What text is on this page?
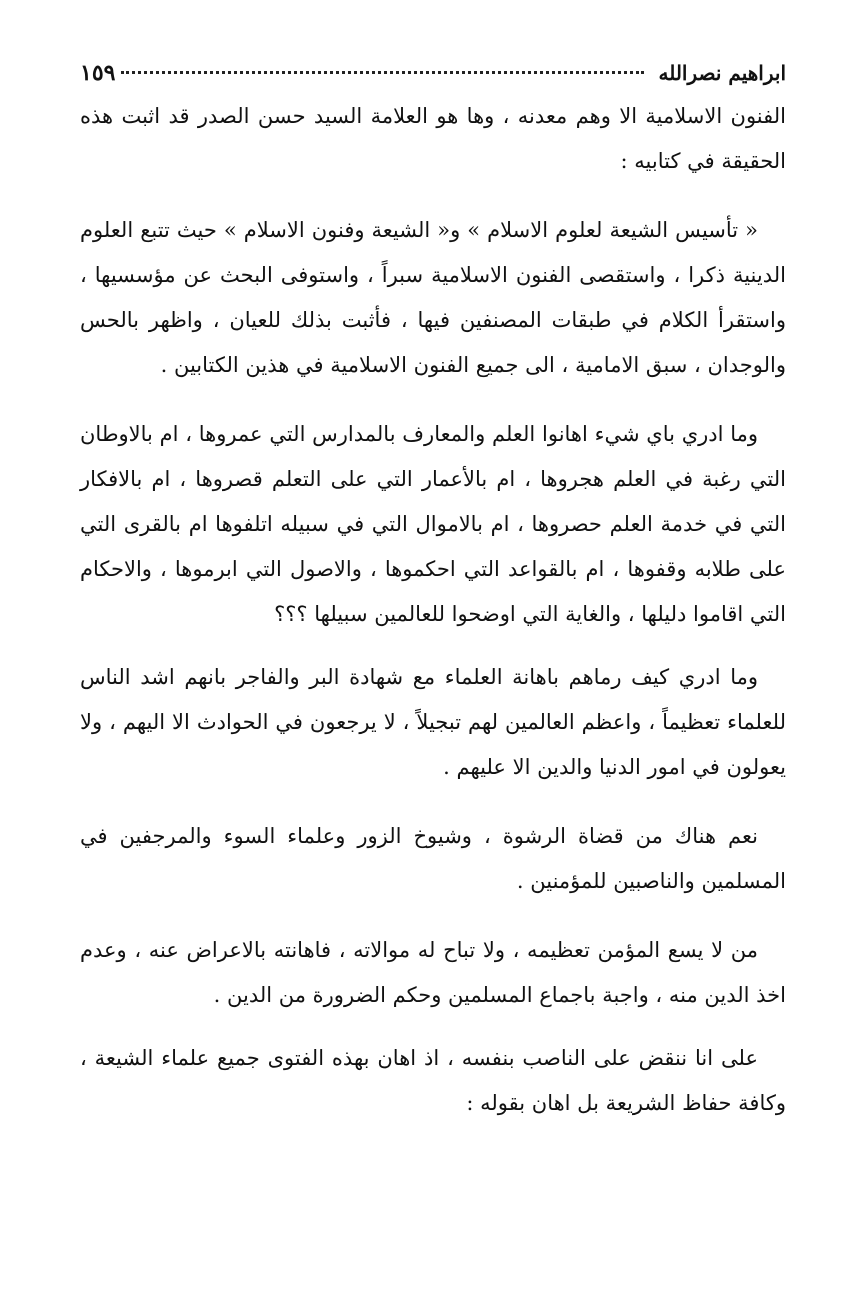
ابراهيم نصرالله
١٥٩

الفنون الاسلامية الا وهم معدنه ، وها هو العلامة السيد حسن الصدر قد اثبت هذه الحقيقة في كتابيه :

« تأسيس الشيعة لعلوم الاسلام » و« الشيعة وفنون الاسلام » حيث تتبع العلوم الدينية ذكرا ، واستقصى الفنون الاسلامية سبراً ، واستوفى البحث عن مؤسسيها ، واستقرأ الكلام في طبقات المصنفين فيها ، فأثبت بذلك للعيان ، واظهر بالحس والوجدان ، سبق الامامية ، الى جميع الفنون الاسلامية في هذين الكتابين .

وما ادري باي شيء اهانوا العلم والمعارف بالمدارس التي عمروها ، ام بالاوطان التي رغبة في العلم هجروها ، ام بالأعمار التي على التعلم قصروها ، ام بالافكار التي في خدمة العلم حصروها ، ام بالاموال التي في سبيله اتلفوها ام بالقرى التي على طلابه وقفوها ، ام بالقواعد التي احكموها ، والاصول التي ابرموها ، والاحكام التي اقاموا دليلها ، والغاية التي اوضحوا للعالمين سبيلها ؟؟؟

وما ادري كيف رماهم باهانة العلماء مع شهادة البر والفاجر بانهم اشد الناس للعلماء تعظيماً ، واعظم العالمين لهم تبجيلاً ، لا يرجعون في الحوادث الا اليهم ، ولا يعولون في امور الدنيا والدين الا عليهم .

نعم هناك من قضاة الرشوة ، وشيوخ الزور وعلماء السوء والمرجفين في المسلمين والناصبين للمؤمنين .

من لا يسع المؤمن تعظيمه ، ولا تباح له موالاته ، فاهانته بالاعراض عنه ، وعدم اخذ الدين منه ، واجبة باجماع المسلمين وحكم الضرورة من الدين .

على انا ننقض على الناصب بنفسه ، اذ اهان بهذه الفتوى جميع علماء الشيعة ، وكافة حفاظ الشريعة بل اهان بقوله :
